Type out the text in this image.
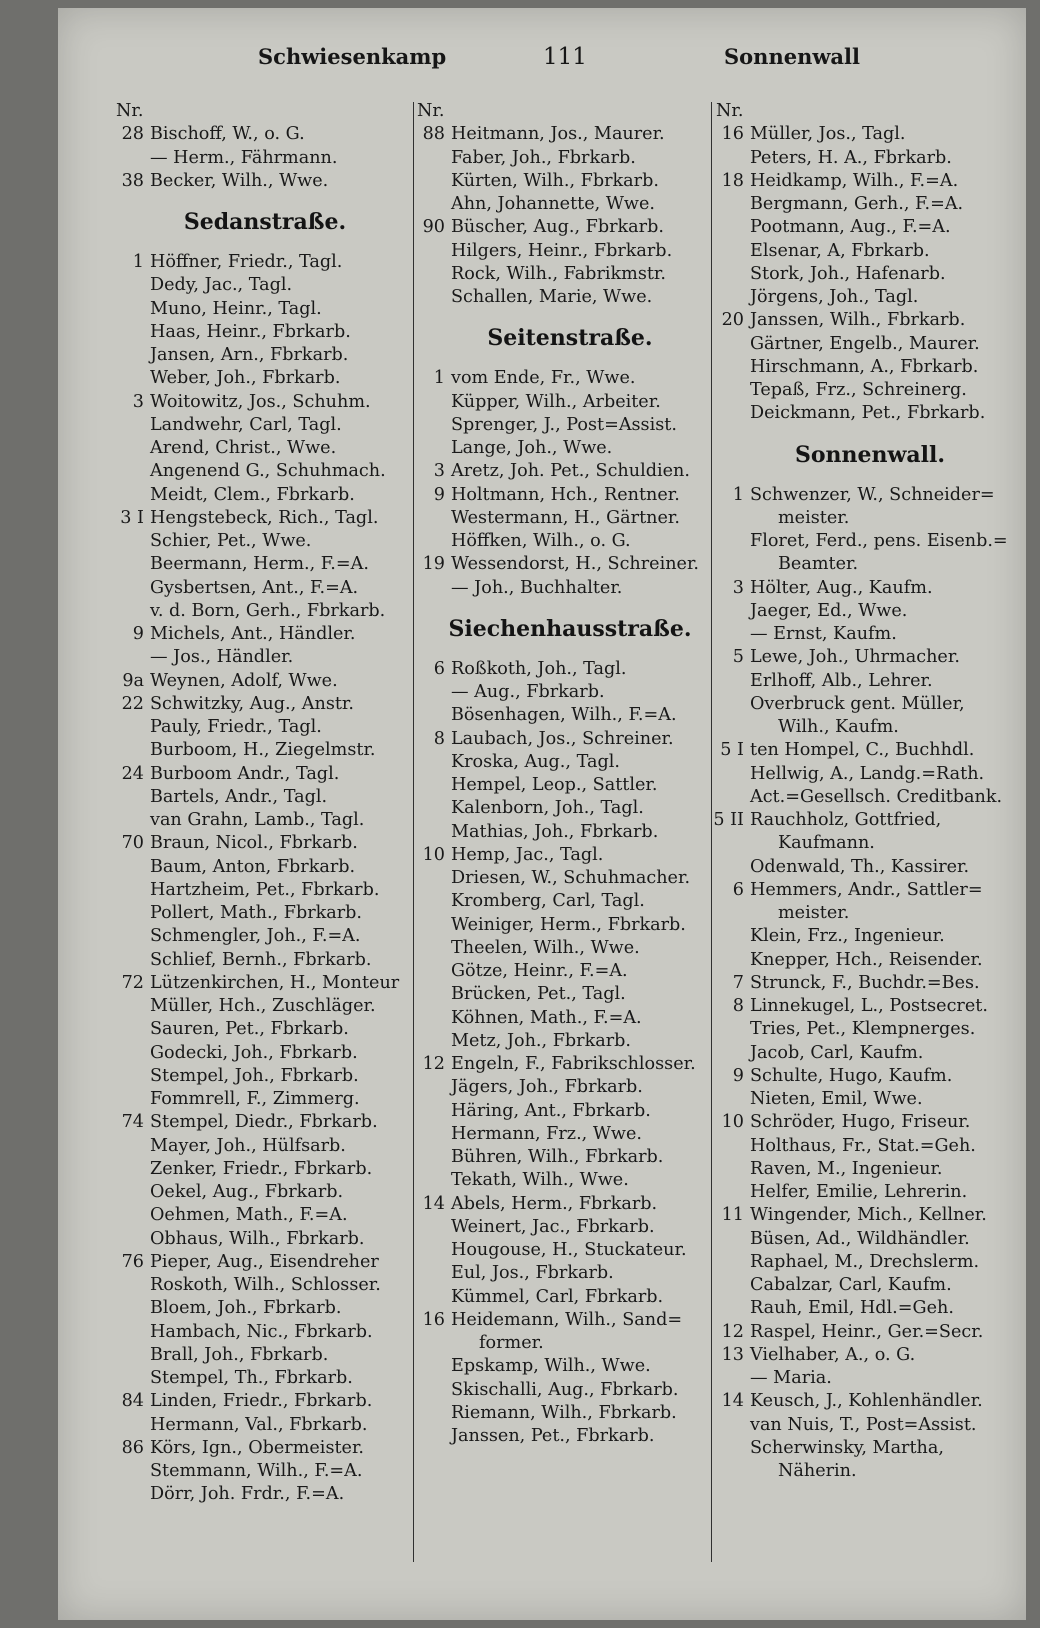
Schwiesenkamp	111	Sonnenwall
Nr.
28 Bischoff, W., o. G.
— Herm., Fährmann.
38 Becker, Wilh., Wwe.
Sedanstraße.
1 Höffner, Friedr., Tagl.
Dedy, Jac., Tagl.
Muno, Heinr., Tagl.
Haas, Heinr., Fbrkarb.
Jansen, Arn., Fbrkarb.
Weber, Joh., Fbrkarb.
3 Woitowitz, Jos., Schuhm.
Landwehr, Carl, Tagl.
Arend, Christ., Wwe.
Angenend G., Schuhmach.
Meidt, Clem., Fbrkarb.
3 I Hengstebeck, Rich., Tagl.
Schier, Pet., Wwe.
Beermann, Herm., F.=A.
Gysbertsen, Ant., F.=A.
v. d. Born, Gerh., Fbrkarb.
9 Michels, Ant., Händler.
— Jos., Händler.
9a Weynen, Adolf, Wwe.
22 Schwitzky, Aug., Anstr.
Pauly, Friedr., Tagl.
Burboom, H., Ziegelmstr.
24 Burboom Andr., Tagl.
Bartels, Andr., Tagl.
van Grahn, Lamb., Tagl.
70 Braun, Nicol., Fbrkarb.
Baum, Anton, Fbrkarb.
Hartzheim, Pet., Fbrkarb.
Pollert, Math., Fbrkarb.
Schmengler, Joh., F.=A.
Schlief, Bernh., Fbrkarb.
72 Lützenkirchen, H., Monteur
Müller, Hch., Zuschläger.
Sauren, Pet., Fbrkarb.
Godecki, Joh., Fbrkarb.
Stempel, Joh., Fbrkarb.
Fommrell, F., Zimmerg.
74 Stempel, Diedr., Fbrkarb.
Mayer, Joh., Hülfsarb.
Zenker, Friedr., Fbrkarb.
Oekel, Aug., Fbrkarb.
Oehmen, Math., F.=A.
Obhaus, Wilh., Fbrkarb.
76 Pieper, Aug., Eisendreher
Roskoth, Wilh., Schlosser.
Bloem, Joh., Fbrkarb.
Hambach, Nic., Fbrkarb.
Brall, Joh., Fbrkarb.
Stempel, Th., Fbrkarb.
84 Linden, Friedr., Fbrkarb.
Hermann, Val., Fbrkarb.
86 Körs, Ign., Obermeister.
Stemmann, Wilh., F.=A.
Dörr, Joh. Frdr., F.=A.
Nr.
88 Heitmann, Jos., Maurer.
Faber, Joh., Fbrkarb.
Kürten, Wilh., Fbrkarb.
Ahn, Johannette, Wwe.
90 Büscher, Aug., Fbrkarb.
Hilgers, Heinr., Fbrkarb.
Rock, Wilh., Fabrikmstr.
Schallen, Marie, Wwe.
Seitenstraße.
1 vom Ende, Fr., Wwe.
Küpper, Wilh., Arbeiter.
Sprenger, J., Post=Assist.
Lange, Joh., Wwe.
3 Aretz, Joh. Pet., Schuldien.
9 Holtmann, Hch., Rentner.
Westermann, H., Gärtner.
Höffken, Wilh., o. G.
19 Wessendorst, H., Schreiner.
— Joh., Buchhalter.
Siechenhausstraße.
6 Roßkoth, Joh., Tagl.
— Aug., Fbrkarb.
Bösenhagen, Wilh., F.=A.
8 Laubach, Jos., Schreiner.
Kroska, Aug., Tagl.
Hempel, Leop., Sattler.
Kalenborn, Joh., Tagl.
Mathias, Joh., Fbrkarb.
10 Hemp, Jac., Tagl.
Driesen, W., Schuhmacher.
Kromberg, Carl, Tagl.
Weiniger, Herm., Fbrkarb.
Theelen, Wilh., Wwe.
Götze, Heinr., F.=A.
Brücken, Pet., Tagl.
Köhnen, Math., F.=A.
Metz, Joh., Fbrkarb.
12 Engeln, F., Fabrikschlosser.
Jägers, Joh., Fbrkarb.
Häring, Ant., Fbrkarb.
Hermann, Frz., Wwe.
Bühren, Wilh., Fbrkarb.
Tekath, Wilh., Wwe.
14 Abels, Herm., Fbrkarb.
Weinert, Jac., Fbrkarb.
Hougouse, H., Stuckateur.
Eul, Jos., Fbrkarb.
Kümmel, Carl, Fbrkarb.
16 Heidemann, Wilh., Sand=
former.
Epskamp, Wilh., Wwe.
Skischalli, Aug., Fbrkarb.
Riemann, Wilh., Fbrkarb.
Janssen, Pet., Fbrkarb.
Nr.
16 Müller, Jos., Tagl.
Peters, H. A., Fbrkarb.
18 Heidkamp, Wilh., F.=A.
Bergmann, Gerh., F.=A.
Pootmann, Aug., F.=A.
Elsenar, A, Fbrkarb.
Stork, Joh., Hafenarb.
Jörgens, Joh., Tagl.
20 Janssen, Wilh., Fbrkarb.
Gärtner, Engelb., Maurer.
Hirschmann, A., Fbrkarb.
Tepaß, Frz., Schreinerg.
Deickmann, Pet., Fbrkarb.
Sonnenwall.
1 Schwenzer, W., Schneider=
meister.
Floret, Ferd., pens. Eisenb.=
Beamter.
3 Hölter, Aug., Kaufm.
Jaeger, Ed., Wwe.
— Ernst, Kaufm.
5 Lewe, Joh., Uhrmacher.
Erlhoff, Alb., Lehrer.
Overbruck gent. Müller,
Wilh., Kaufm.
5 I ten Hompel, C., Buchhdl.
Hellwig, A., Landg.=Rath.
Act.=Gesellsch. Creditbank.
5 II Rauchholz, Gottfried,
Kaufmann.
Odenwald, Th., Kassirer.
6 Hemmers, Andr., Sattler=
meister.
Klein, Frz., Ingenieur.
Knepper, Hch., Reisender.
7 Strunck, F., Buchdr.=Bes.
8 Linnekugel, L., Postsecret.
Tries, Pet., Klempnerges.
Jacob, Carl, Kaufm.
9 Schulte, Hugo, Kaufm.
Nieten, Emil, Wwe.
10 Schröder, Hugo, Friseur.
Holthaus, Fr., Stat.=Geh.
Raven, M., Ingenieur.
Helfer, Emilie, Lehrerin.
11 Wingender, Mich., Kellner.
Büsen, Ad., Wildhändler.
Raphael, M., Drechslerm.
Cabalzar, Carl, Kaufm.
Rauh, Emil, Hdl.=Geh.
12 Raspel, Heinr., Ger.=Secr.
13 Vielhaber, A., o. G.
— Maria.
14 Keusch, J., Kohlenhändler.
van Nuis, T., Post=Assist.
Scherwinsky, Martha,
Näherin.
